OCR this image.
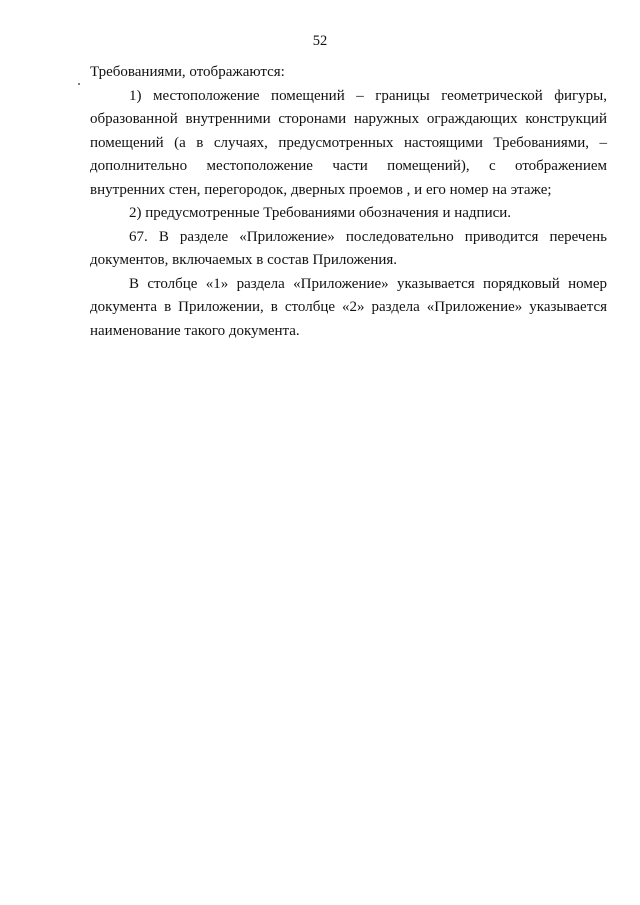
52

Требованиями, отображаются:

1) местоположение помещений – границы геометрической фигуры, образованной внутренними сторонами наружных ограждающих конструкций помещений (а в случаях, предусмотренных настоящими Требованиями, – дополнительно местоположение части помещений), с отображением внутренних стен, перегородок, дверных проемов , и его номер на этаже;

2) предусмотренные Требованиями обозначения и надписи.

67. В разделе «Приложение» последовательно приводится перечень документов, включаемых в состав Приложения.

В столбце «1» раздела «Приложение» указывается порядковый номер документа в Приложении, в столбце «2» раздела «Приложение» указывается наименование такого документа.
